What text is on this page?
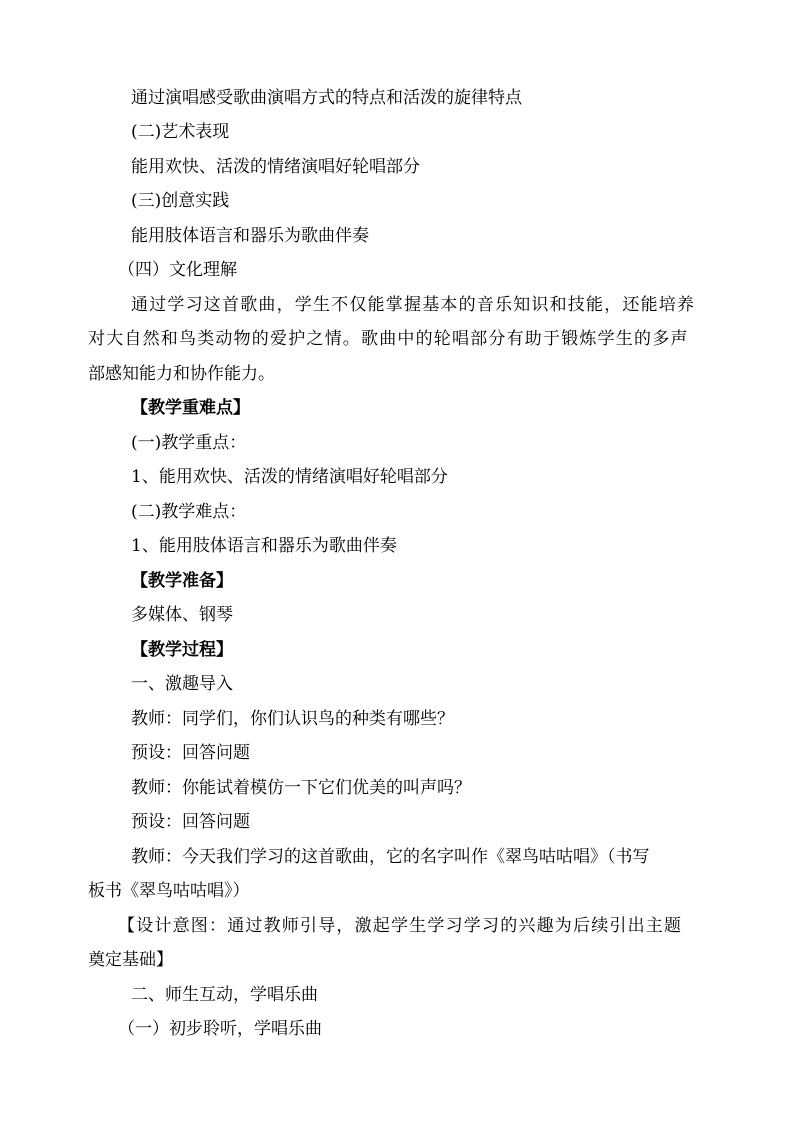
通过演唱感受歌曲演唱方式的特点和活泼的旋律特点
(二)艺术表现
能用欢快、活泼的情绪演唱好轮唱部分
(三)创意实践
能用肢体语言和器乐为歌曲伴奏
（四）文化理解
通过学习这首歌曲，学生不仅能掌握基本的音乐知识和技能，还能培养
对大自然和鸟类动物的爱护之情。歌曲中的轮唱部分有助于锻炼学生的多声
部感知能力和协作能力。
【教学重难点】
(一)教学重点：
1、能用欢快、活泼的情绪演唱好轮唱部分
(二)教学难点：
1、能用肢体语言和器乐为歌曲伴奏
【教学准备】
多媒体、钢琴
【教学过程】
一、激趣导入
教师：同学们，你们认识鸟的种类有哪些？
预设：回答问题
教师：你能试着模仿一下它们优美的叫声吗？
预设：回答问题
教师：今天我们学习的这首歌曲，它的名字叫作《翠鸟咕咕唱》（书写
板书《翠鸟咕咕唱》）
【设计意图：通过教师引导，激起学生学习学习的兴趣为后续引出主题
奠定基础】
二、师生互动，学唱乐曲
（一）初步聆听，学唱乐曲
